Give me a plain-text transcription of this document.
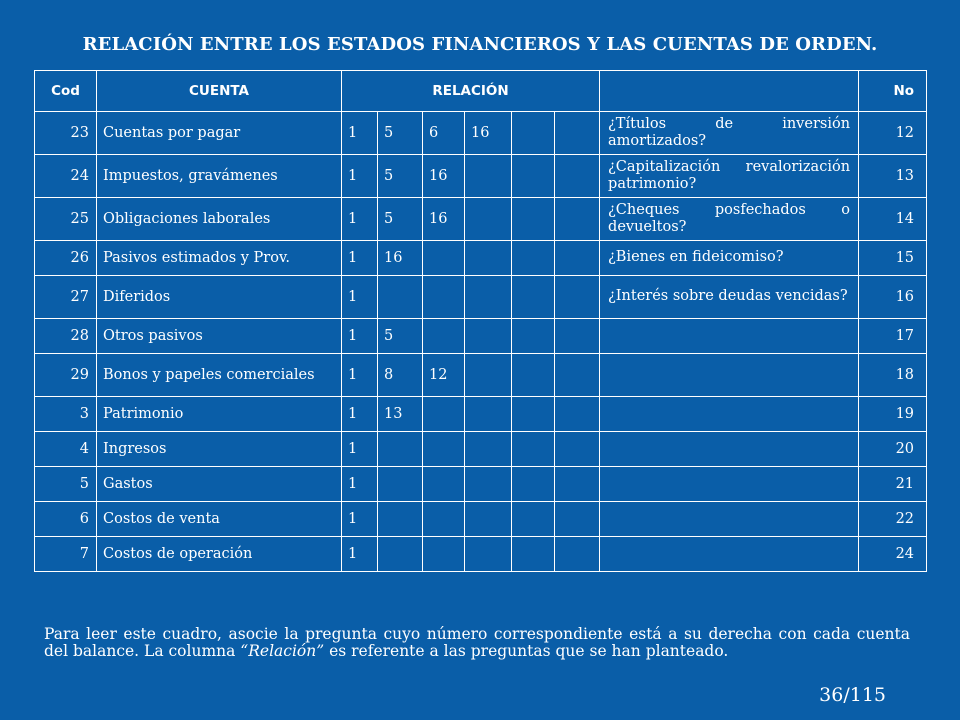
RELACIÓN ENTRE LOS ESTADOS FINANCIEROS Y LAS CUENTAS DE ORDEN.
Cod	CUENTA	RELACIÓN							No
23	Cuentas por pagar	1	5	6	16			¿Títulos de inversión amortizados?	12
24	Impuestos, gravámenes	1	5	16				¿Capitalización revalorización patrimonio?	13
25	Obligaciones laborales	1	5	16				¿Cheques posfechados o devueltos?	14
26	Pasivos estimados y Prov.	1	16					¿Bienes en fideicomiso?	15
27	Diferidos	1						¿Interés sobre deudas vencidas?	16
28	Otros pasivos	1	5						17
29	Bonos y papeles comerciales	1	8	12					18
3	Patrimonio	1	13						19
4	Ingresos	1							20
5	Gastos	1							21
6	Costos de venta	1							22
7	Costos de operación	1							24
Para leer este cuadro, asocie la pregunta cuyo número correspondiente está a su derecha con cada cuenta del balance. La columna “Relación” es referente a las preguntas que se han planteado.
36/115
